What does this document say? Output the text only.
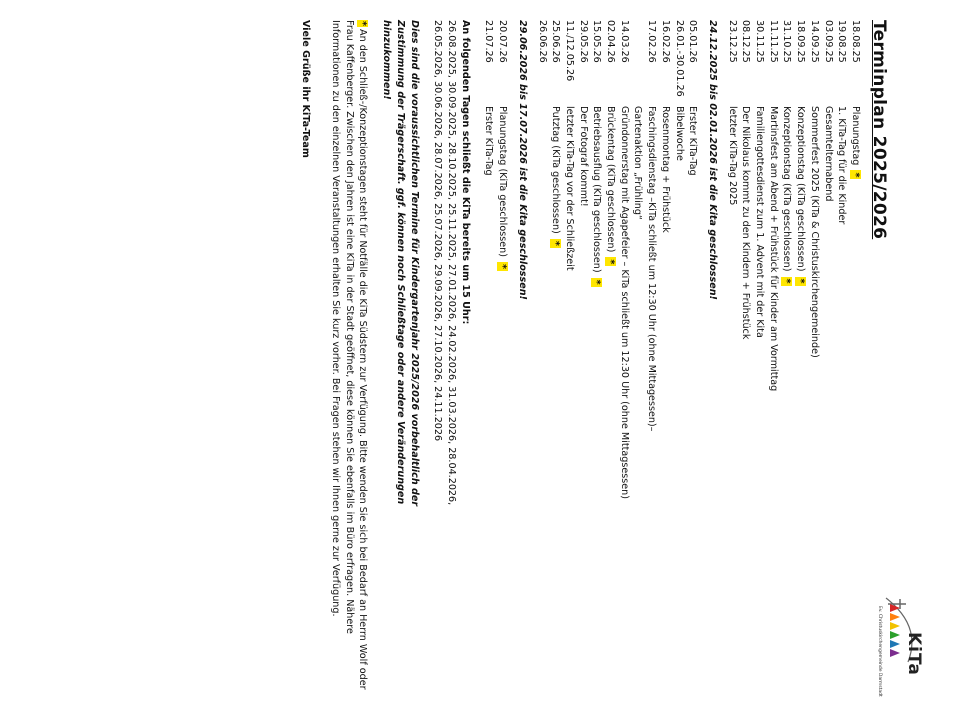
KiTa
Ev. Christuskirchengemeinde Darmstadt
Terminplan 2025/2026
18.08.25
Planungstag *
19.08.25
1. KiTa-Tag für die Kinder
03.09.25
Gesamtelternabend
14.09.25
Sommerfest 2025 (KiTa & Christuskirchengemeinde)
18.09.25
Konzeptionstag (KiTa geschlossen) *
31.10.25
Konzeptionstag (KiTa geschlossen) *
11.11.25
Martinsfest am Abend + Frühstück für Kinder am Vormittag
30.11.25
Familiengottesdienst zum 1. Advent mit der Kita
08.12.25
Der Nikolaus kommt zu den Kindern + Frühstück
23.12.25
letzter KiTa-Tag 2025
24.12.2025 bis 02.01.2026 ist die Kita geschlossen!
05.01.26
Erster KiTa-Tag
26.01.-30.01.26
Bibelwoche
16.02.26
Rosenmontag + Frühstück
17.02.26
Faschingsdienstag –KiTa schließt um 12:30 Uhr (ohne Mittagessen)–
Gartenaktion „Frühling“
14.03.26
Gründonnerstag mit Agapefeier – KiTa schließt um 12:30 Uhr (ohne Mittagsessen)
02.04.26
Brückentag (KiTa geschlossen) *
15.05.26
Betriebsausflug (KiTa geschlossen) *
29.05.26
Der Fotograf kommt!
11./12.05.26
letzter KiTa-Tag vor der Schließzeit
25.06.26
Putztag (KiTa geschlossen) *
26.06.26
29.06.2026 bis 17.07.2026 ist die Kita geschlossen!
20.07.26
Planungstag (KiTa geschlossen) *
21.07.26
Erster KiTa-Tag
An folgenden Tagen schließt die KiTa bereits um 15 Uhr:
26.08.2025, 30.09.2025, 28.10.2025, 25.11.2025, 27.01.2026, 24.02.2026, 31.03.2026, 28.04.2026,
26.05.2026, 30.06.2026, 28.07.2026, 25.07.2026, 29.09.2026, 27.10.2026, 24.11.2026
Dies sind die voraussichtlichen Termine für Kindergartenjahr 2025/2026 vorbehaltlich der
Zustimmung der Trägerschaft. ggf. können noch Schließtage oder andere Veränderungen
hinzukommen!
*An den Schließ-/Konzeptionstagen steht für Notfälle die KiTa Südstern zur Verfügung. Bitte wenden Sie sich bei Bedarf an Herrn Wolf oder Frau Kaffenberger. Zwischen den Jahren ist eine KiTa in der Stadt geöffnet, diese können Sie ebenfalls im Büro erfragen. Nähere Informationen zu den einzelnen Veranstaltungen erhalten Sie kurz vorher. Bei Fragen stehen wir Ihnen gerne zur Verfügung.
Viele Grüße ihr KiTa-Team
